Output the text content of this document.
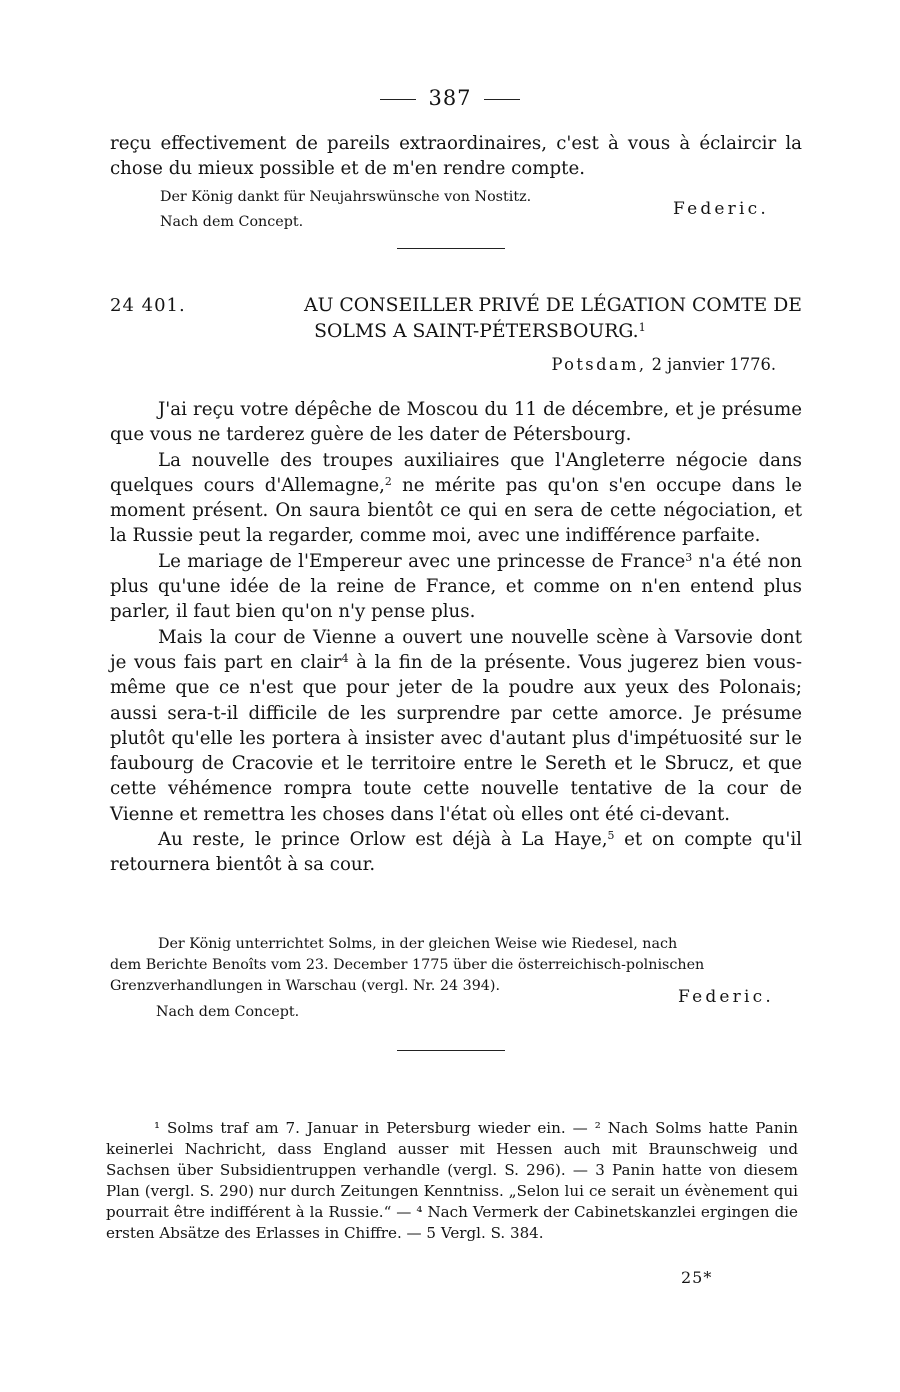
387

reçu effectivement de pareils extraordinaires, c'est à vous à éclaircir la chose du mieux possible et de m'en rendre compte.

Der König dankt für Neujahrswünsche von Nostitz.

Nach dem Concept.

Federic.

24 401.	AU CONSEILLER PRIVÉ DE LÉGATION COMTE DE
SOLMS A SAINT-PÉTERSBOURG.$^1$

Potsdam, 2 janvier 1776.

J'ai reçu votre dépêche de Moscou du 11 de décembre, et je présume que vous ne tarderez guère de les dater de Pétersbourg.

La nouvelle des troupes auxiliaires que l'Angleterre négocie dans quelques cours d'Allemagne,$^2$ ne mérite pas qu'on s'en occupe dans le moment présent. On saura bientôt ce qui en sera de cette négociation, et la Russie peut la regarder, comme moi, avec une indifférence parfaite.

Le mariage de l'Empereur avec une princesse de France$^3$ n'a été non plus qu'une idée de la reine de France, et comme on n'en entend plus parler, il faut bien qu'on n'y pense plus.

Mais la cour de Vienne a ouvert une nouvelle scène à Varsovie dont je vous fais part en clair$^4$ à la fin de la présente. Vous jugerez bien vous-même que ce n'est que pour jeter de la poudre aux yeux des Polonais; aussi sera-t-il difficile de les surprendre par cette amorce. Je présume plutôt qu'elle les portera à insister avec d'autant plus d'impétuosité sur le faubourg de Cracovie et le territoire entre le Sereth et le Sbrucz, et que cette véhémence rompra toute cette nouvelle tentative de la cour de Vienne et remettra les choses dans l'état où elles ont été ci-devant.

Au reste, le prince Orlow est déjà à La Haye,$^5$ et on compte qu'il retournera bientôt à sa cour.

Der König unterrichtet Solms, in der gleichen Weise wie Riedesel, nach

dem Berichte Benoîts vom 23. December 1775 über die österreichisch-polnischen

Grenzverhandlungen in Warschau (vergl. Nr. 24 394).

Nach dem Concept.

Federic.

¹ Solms traf am 7. Januar in Petersburg wieder ein. — ² Nach Solms hatte Panin keinerlei Nachricht, dass England ausser mit Hessen auch mit Braunschweig und Sachsen über Subsidientruppen verhandle (vergl. S. 296). — 3 Panin hatte von diesem Plan (vergl. S. 290) nur durch Zeitungen Kenntniss. „Selon lui ce serait un évènement qui pourrait être indifférent à la Russie.“ — ⁴ Nach Vermerk der Cabinetskanzlei ergingen die ersten Absätze des Erlasses in Chiffre. — 5 Vergl. S. 384.

25*
